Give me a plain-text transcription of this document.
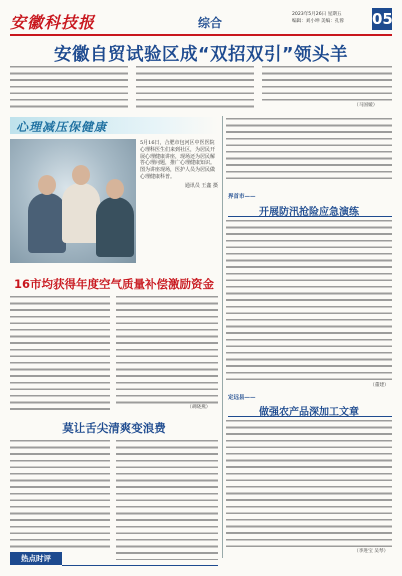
安徽科技报	综合
2023年5月26日 星期五
编辑：刘小坤 美编：孔蓉	05
安徽自贸试验区成“双招双引”领头羊
（马国媛）
心理减压保健康
5月16日，合肥市包河区中医医院心理科医生们来到社区，为居民开展心理健康讲座，现场还为居民解答心理问题，推广心理健康知识。图为讲座现场，医护人员为居民做心理健康科普。
通讯员 王鑫 摄
16市均获得年度空气质量补偿激励资金
（胡晓燕）
莫让舌尖清爽变浪费
界首市——
开展防汛抢险应急演练
（董建）
定远县——
做强农产品深加工文章
（李进宝 吴琴）
热点时评
